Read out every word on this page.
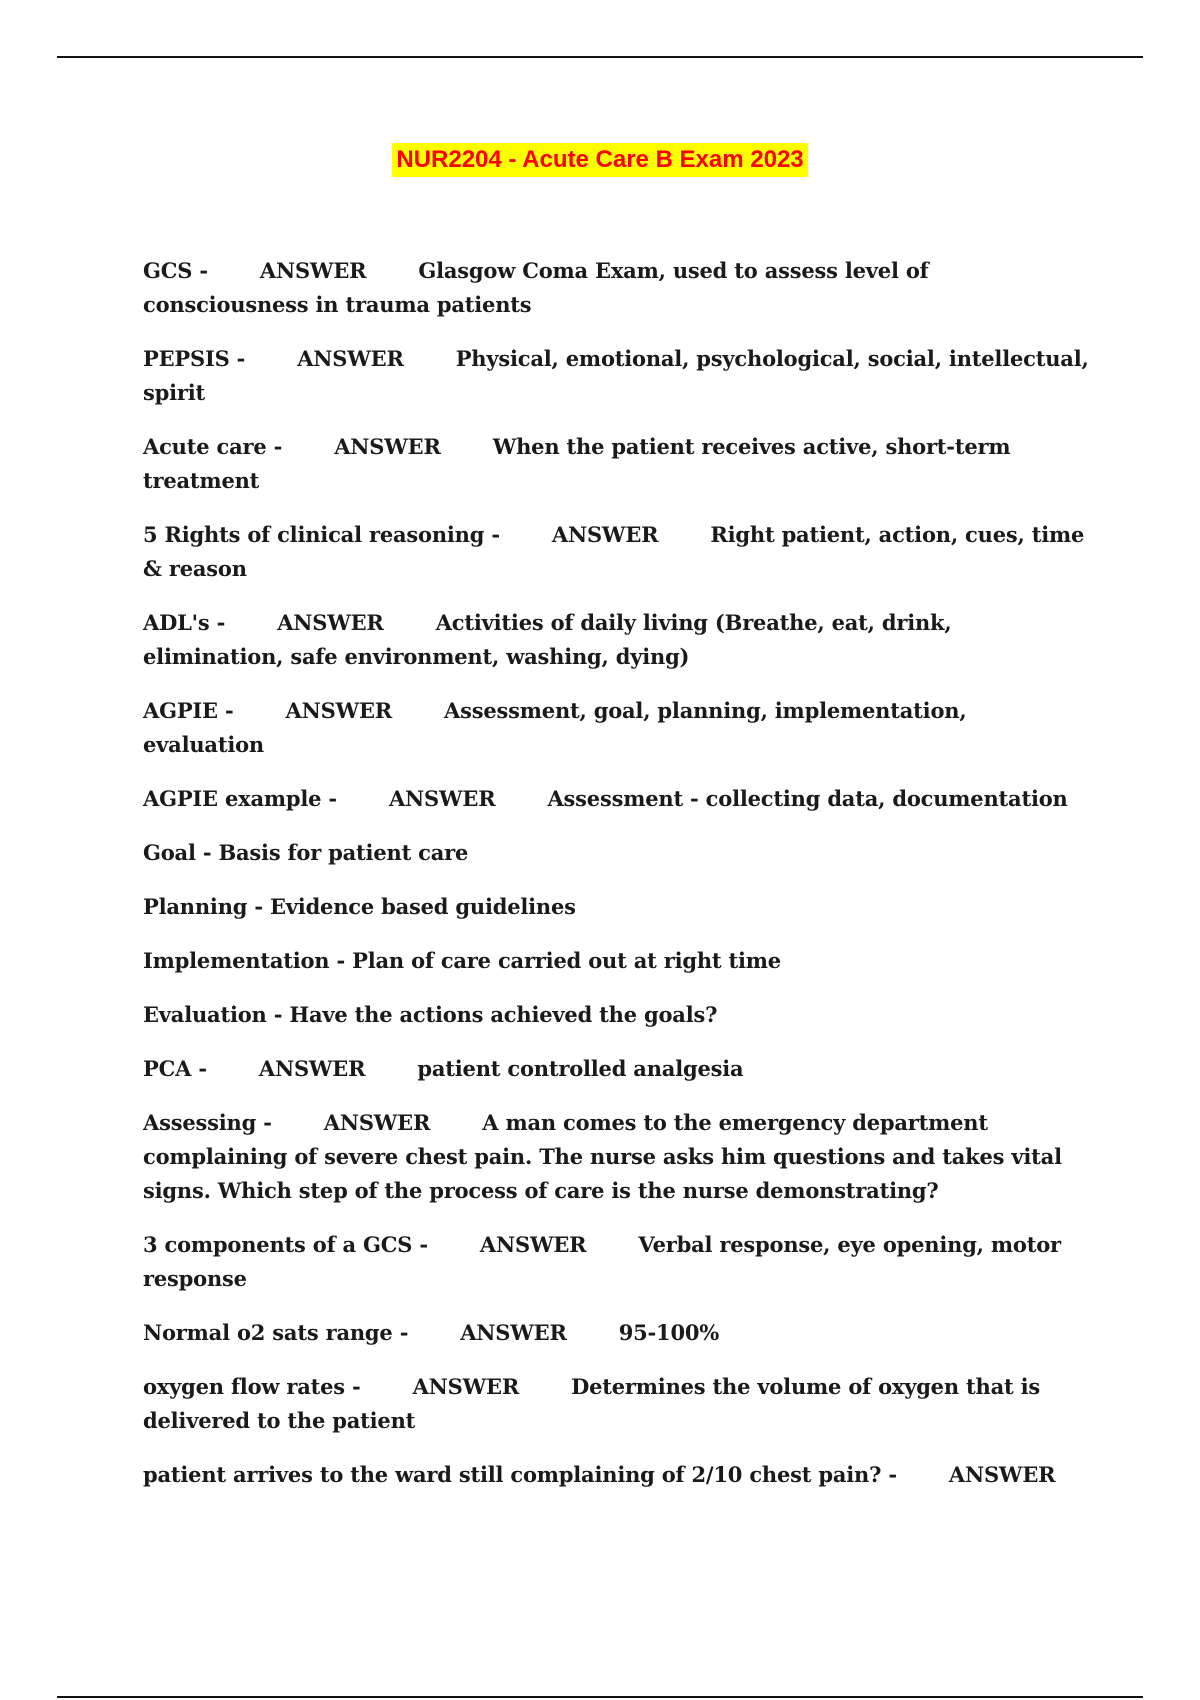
NUR2204 - Acute Care B Exam 2023

GCS - ANSWER Glasgow Coma Exam, used to assess level of consciousness in trauma patients

PEPSIS - ANSWER Physical, emotional, psychological, social, intellectual, spirit

Acute care - ANSWER When the patient receives active, short-term treatment

5 Rights of clinical reasoning - ANSWER Right patient, action, cues, time & reason

ADL's - ANSWER Activities of daily living (Breathe, eat, drink, elimination, safe environment, washing, dying)

AGPIE - ANSWER Assessment, goal, planning, implementation, evaluation

AGPIE example - ANSWER Assessment - collecting data, documentation

Goal - Basis for patient care

Planning - Evidence based guidelines

Implementation - Plan of care carried out at right time

Evaluation - Have the actions achieved the goals?

PCA - ANSWER patient controlled analgesia

Assessing - ANSWER A man comes to the emergency department complaining of severe chest pain. The nurse asks him questions and takes vital signs. Which step of the process of care is the nurse demonstrating?

3 components of a GCS - ANSWER Verbal response, eye opening, motor response

Normal o2 sats range - ANSWER 95-100%

oxygen flow rates - ANSWER Determines the volume of oxygen that is delivered to the patient

patient arrives to the ward still complaining of 2/10 chest pain? - ANSWER
